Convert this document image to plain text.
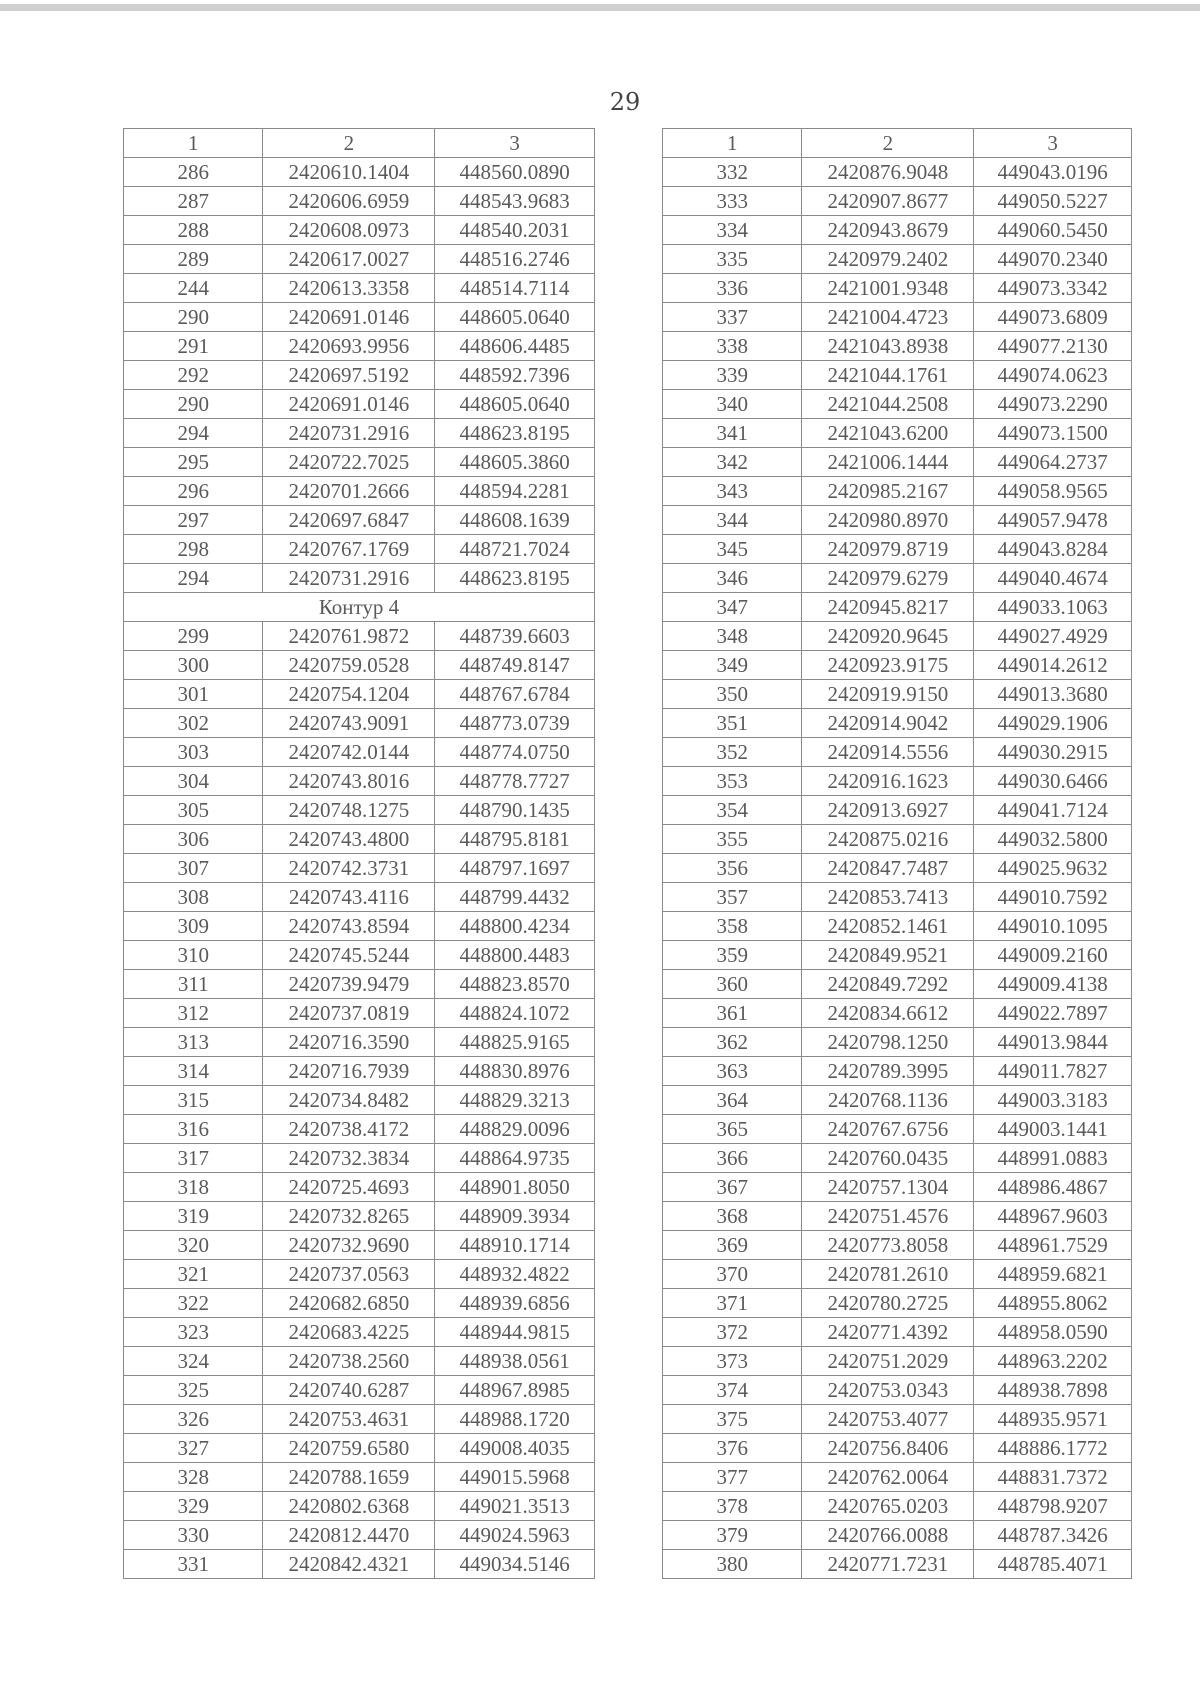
29
1	2	3
286	2420610.1404	448560.0890
287	2420606.6959	448543.9683
288	2420608.0973	448540.2031
289	2420617.0027	448516.2746
244	2420613.3358	448514.7114
290	2420691.0146	448605.0640
291	2420693.9956	448606.4485
292	2420697.5192	448592.7396
290	2420691.0146	448605.0640
294	2420731.2916	448623.8195
295	2420722.7025	448605.3860
296	2420701.2666	448594.2281
297	2420697.6847	448608.1639
298	2420767.1769	448721.7024
294	2420731.2916	448623.8195
Контур 4		
299	2420761.9872	448739.6603
300	2420759.0528	448749.8147
301	2420754.1204	448767.6784
302	2420743.9091	448773.0739
303	2420742.0144	448774.0750
304	2420743.8016	448778.7727
305	2420748.1275	448790.1435
306	2420743.4800	448795.8181
307	2420742.3731	448797.1697
308	2420743.4116	448799.4432
309	2420743.8594	448800.4234
310	2420745.5244	448800.4483
311	2420739.9479	448823.8570
312	2420737.0819	448824.1072
313	2420716.3590	448825.9165
314	2420716.7939	448830.8976
315	2420734.8482	448829.3213
316	2420738.4172	448829.0096
317	2420732.3834	448864.9735
318	2420725.4693	448901.8050
319	2420732.8265	448909.3934
320	2420732.9690	448910.1714
321	2420737.0563	448932.4822
322	2420682.6850	448939.6856
323	2420683.4225	448944.9815
324	2420738.2560	448938.0561
325	2420740.6287	448967.8985
326	2420753.4631	448988.1720
327	2420759.6580	449008.4035
328	2420788.1659	449015.5968
329	2420802.6368	449021.3513
330	2420812.4470	449024.5963
331	2420842.4321	449034.5146
1	2	3
332	2420876.9048	449043.0196
333	2420907.8677	449050.5227
334	2420943.8679	449060.5450
335	2420979.2402	449070.2340
336	2421001.9348	449073.3342
337	2421004.4723	449073.6809
338	2421043.8938	449077.2130
339	2421044.1761	449074.0623
340	2421044.2508	449073.2290
341	2421043.6200	449073.1500
342	2421006.1444	449064.2737
343	2420985.2167	449058.9565
344	2420980.8970	449057.9478
345	2420979.8719	449043.8284
346	2420979.6279	449040.4674
347	2420945.8217	449033.1063
348	2420920.9645	449027.4929
349	2420923.9175	449014.2612
350	2420919.9150	449013.3680
351	2420914.9042	449029.1906
352	2420914.5556	449030.2915
353	2420916.1623	449030.6466
354	2420913.6927	449041.7124
355	2420875.0216	449032.5800
356	2420847.7487	449025.9632
357	2420853.7413	449010.7592
358	2420852.1461	449010.1095
359	2420849.9521	449009.2160
360	2420849.7292	449009.4138
361	2420834.6612	449022.7897
362	2420798.1250	449013.9844
363	2420789.3995	449011.7827
364	2420768.1136	449003.3183
365	2420767.6756	449003.1441
366	2420760.0435	448991.0883
367	2420757.1304	448986.4867
368	2420751.4576	448967.9603
369	2420773.8058	448961.7529
370	2420781.2610	448959.6821
371	2420780.2725	448955.8062
372	2420771.4392	448958.0590
373	2420751.2029	448963.2202
374	2420753.0343	448938.7898
375	2420753.4077	448935.9571
376	2420756.8406	448886.1772
377	2420762.0064	448831.7372
378	2420765.0203	448798.9207
379	2420766.0088	448787.3426
380	2420771.7231	448785.4071
